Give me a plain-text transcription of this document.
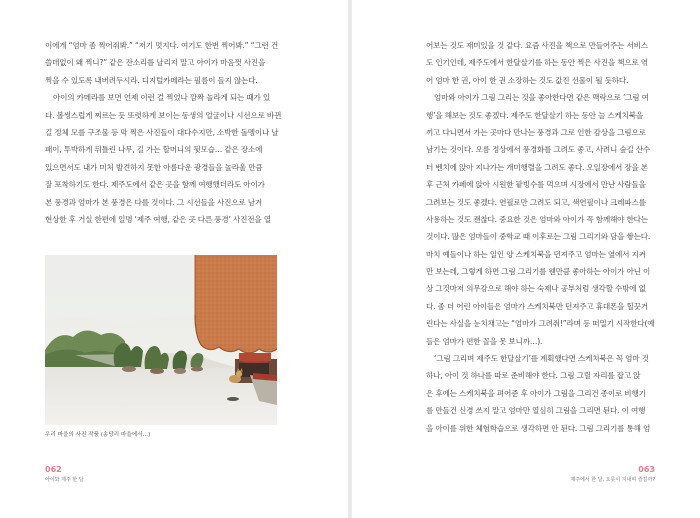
이에게 “엄마 좀 찍어줘봐.” “저기 멋지다. 여기도 한번 찍어봐.” “그런 건
쓸데없이 왜 찍니?” 같은 잔소리를 날리지 말고 아이가 마음껏 사진을
찍을 수 있도록 내버려두시라. 디지털카메라는 필름이 들지 않는다.
아이의 카메라를 보면 언제 이런 걸 찍었나 깜짝 놀라게 되는 때가 있
다. 볼썽스럽게 찌르는 듯 또렷하게 보이는 동생의 얼굴이나 시선으로 바뀐
길 정체 모를 구조물 등 막 찍은 사진들이 대다수지만, 소박한 돌멩이나 날
패이, 투박하게 뒤틀린 나무, 길 가는 할머니의 뒷모습… 같은 장소에
있으면서도 내가 미처 발견하지 못한 아름다운 광경들을 놀라울 만큼
잘 포착하기도 한다. 제주도에서 같은 곳을 함께 여행했더라도 아이가
본 풍경과 엄마가 본 풍경은 다를 것이다. 그 시선들을 사진으로 남겨
현상한 후 거실 한편에 일명 ‘제주 여행, 같은 곳 다른 풍경’ 사진전을 열
우리 마을의 사진 작품 (송당리 마을에서…)
062
아이와 제주 한 달
어보는 것도 재미있을 것 같다. 요즘 사진을 책으로 만들어주는 서비스
도 인기인데, 제주도에서 한달살기를 하는 동안 찍은 사진을 책으로 엮
어 엄마 한 권, 아이 한 권 소장하는 것도 값진 선물이 될 듯하다.
엄마와 아이가 그림 그리는 것을 좋아한다면 같은 맥락으로 ‘그림 여
행’을 해보는 것도 좋겠다. 제주도 한달살기 하는 동안 늘 스케치북을
끼고 다니면서 가는 곳마다 만나는 풍경과 그로 인한 감상을 그림으로
남기는 것이다. 오름 정상에서 풍경화를 그려도 좋고, 사려니 숲길 산수
터 벤치에 앉아 지나가는 개미행렬을 그려도 좋다. 오일장에서 장을 본
후 근처 카페에 앉아 시원한 팥빙수를 먹으며 시장에서 만난 사람들을
그려보는 것도 좋겠다. 연필로만 그려도 되고, 색연필이나 크레파스를
사용하는 것도 괜찮다. 중요한 것은 엄마와 아이가 꼭 함께해야 한다는
것이다. 많은 엄마들이 중학교 때 이후로는 그림 그리기와 담을 쌓는다.
마치 예들이나 하는 일인 양 스케치북을 던져주고 엄마는 옆에서 지켜
만 보는데, 그렇게 하면 그림 그리기를 웬만큼 좋아하는 아이가 아닌 이
상 그것마저 의무감으로 해야 하는 숙제나 공부처럼 생각할 수밖에 없
다. 좀 더 어린 아이들은 엄마가 스케치북만 던져주고 휴대폰을 힐끗거
린다는 사실을 눈치채고는 “엄마가 그려줘!”라며 등 떠밀기 시작한다(예
들은 엄마가 편한 꼴을 못 보니까…).
‘그림 그리며 제주도 한달살기’를 계획했다면 스케치북은 꼭 엄마 것
하나, 아이 것 하나를 따로 준비해야 한다. 그림 그릴 자리를 잡고 앉
은 후에는 스케치북을 펴어준 후 아이가 그림을 그리건 종이로 비행기
를 만들건 신경 쓰지 말고 엄마만 열심히 그림을 그리면 된다. 이 여행
을 아이를 위한 체험학습으로 생각하면 안 된다. 그림 그리기를 통해 엄
063
제주에서 한 달, 오롯이 지내며 즐길까?
